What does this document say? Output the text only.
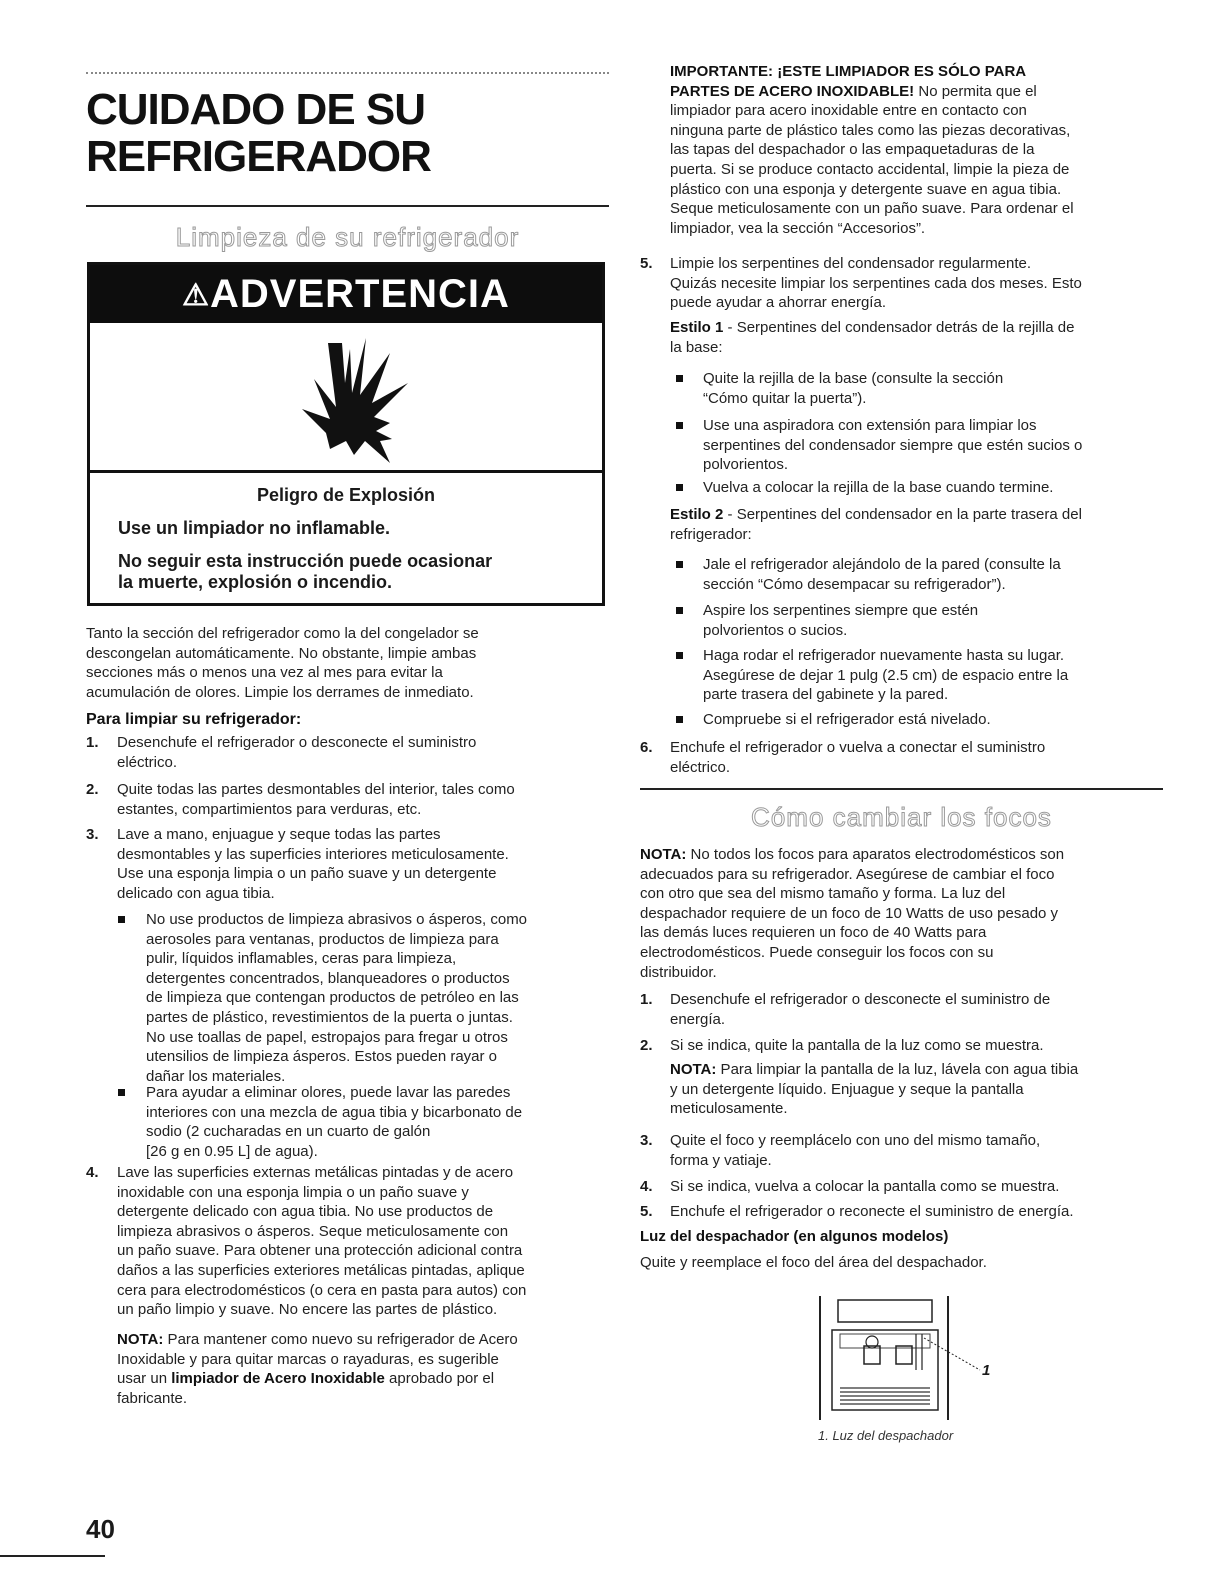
CUIDADO DE SU
REFRIGERADOR
Limpieza de su refrigerador
⚠ADVERTENCIA
Peligro de Explosión
Use un limpiador no inflamable.
No seguir esta instrucción puede ocasionar
la muerte, explosión o incendio.
Tanto la sección del refrigerador como la del congelador se
descongelan automáticamente. No obstante, limpie ambas
secciones más o menos una vez al mes para evitar la
acumulación de olores. Limpie los derrames de inmediato.
Para limpiar su refrigerador:
1. Desenchufe el refrigerador o desconecte el suministro
eléctrico.
2. Quite todas las partes desmontables del interior, tales como
estantes, compartimientos para verduras, etc.
3. Lave a mano, enjuague y seque todas las partes
desmontables y las superficies interiores meticulosamente.
Use una esponja limpia o un paño suave y un detergente
delicado con agua tibia.
No use productos de limpieza abrasivos o ásperos, como
aerosoles para ventanas, productos de limpieza para
pulir, líquidos inflamables, ceras para limpieza,
detergentes concentrados, blanqueadores o productos
de limpieza que contengan productos de petróleo en las
partes de plástico, revestimientos de la puerta o juntas.
No use toallas de papel, estropajos para fregar u otros
utensilios de limpieza ásperos. Estos pueden rayar o
dañar los materiales.
Para ayudar a eliminar olores, puede lavar las paredes
interiores con una mezcla de agua tibia y bicarbonato de
sodio (2 cucharadas en un cuarto de galón
[26 g en 0.95 L] de agua).
4. Lave las superficies externas metálicas pintadas y de acero
inoxidable con una esponja limpia o un paño suave y
detergente delicado con agua tibia. No use productos de
limpieza abrasivos o ásperos. Seque meticulosamente con
un paño suave. Para obtener una protección adicional contra
daños a las superficies exteriores metálicas pintadas, aplique
cera para electrodomésticos (o cera en pasta para autos) con
un paño limpio y suave. No encere las partes de plástico.
NOTA: Para mantener como nuevo su refrigerador de Acero
Inoxidable y para quitar marcas o rayaduras, es sugerible
usar un limpiador de Acero Inoxidable aprobado por el
fabricante.
40
IMPORTANTE: ¡ESTE LIMPIADOR ES SÓLO PARA
PARTES DE ACERO INOXIDABLE! No permita que el
limpiador para acero inoxidable entre en contacto con
ninguna parte de plástico tales como las piezas decorativas,
las tapas del despachador o las empaquetaduras de la
puerta. Si se produce contacto accidental, limpie la pieza de
plástico con una esponja y detergente suave en agua tibia.
Seque meticulosamente con un paño suave. Para ordenar el
limpiador, vea la sección “Accesorios”.
5. Limpie los serpentines del condensador regularmente.
Quizás necesite limpiar los serpentines cada dos meses. Esto
puede ayudar a ahorrar energía.
Estilo 1 - Serpentines del condensador detrás de la rejilla de
la base:
Quite la rejilla de la base (consulte la sección
“Cómo quitar la puerta”).
Use una aspiradora con extensión para limpiar los
serpentines del condensador siempre que estén sucios o
polvorientos.
Vuelva a colocar la rejilla de la base cuando termine.
Estilo 2 - Serpentines del condensador en la parte trasera del
refrigerador:
Jale el refrigerador alejándolo de la pared (consulte la
sección “Cómo desempacar su refrigerador”).
Aspire los serpentines siempre que estén
polvorientos o sucios.
Haga rodar el refrigerador nuevamente hasta su lugar.
Asegúrese de dejar 1 pulg (2.5 cm) de espacio entre la
parte trasera del gabinete y la pared.
Compruebe si el refrigerador está nivelado.
6. Enchufe el refrigerador o vuelva a conectar el suministro
eléctrico.
Cómo cambiar los focos
NOTA: No todos los focos para aparatos electrodomésticos son
adecuados para su refrigerador. Asegúrese de cambiar el foco
con otro que sea del mismo tamaño y forma. La luz del
despachador requiere de un foco de 10 Watts de uso pesado y
las demás luces requieren un foco de 40 Watts para
electrodomésticos. Puede conseguir los focos con su
distribuidor.
1. Desenchufe el refrigerador o desconecte el suministro de
energía.
2. Si se indica, quite la pantalla de la luz como se muestra.
NOTA: Para limpiar la pantalla de la luz, lávela con agua tibia
y un detergente líquido. Enjuague y seque la pantalla
meticulosamente.
3. Quite el foco y reemplácelo con uno del mismo tamaño,
forma y vatiaje.
4. Si se indica, vuelva a colocar la pantalla como se muestra.
5. Enchufe el refrigerador o reconecte el suministro de energía.
Luz del despachador (en algunos modelos)
Quite y reemplace el foco del área del despachador.
1
1. Luz del despachador
